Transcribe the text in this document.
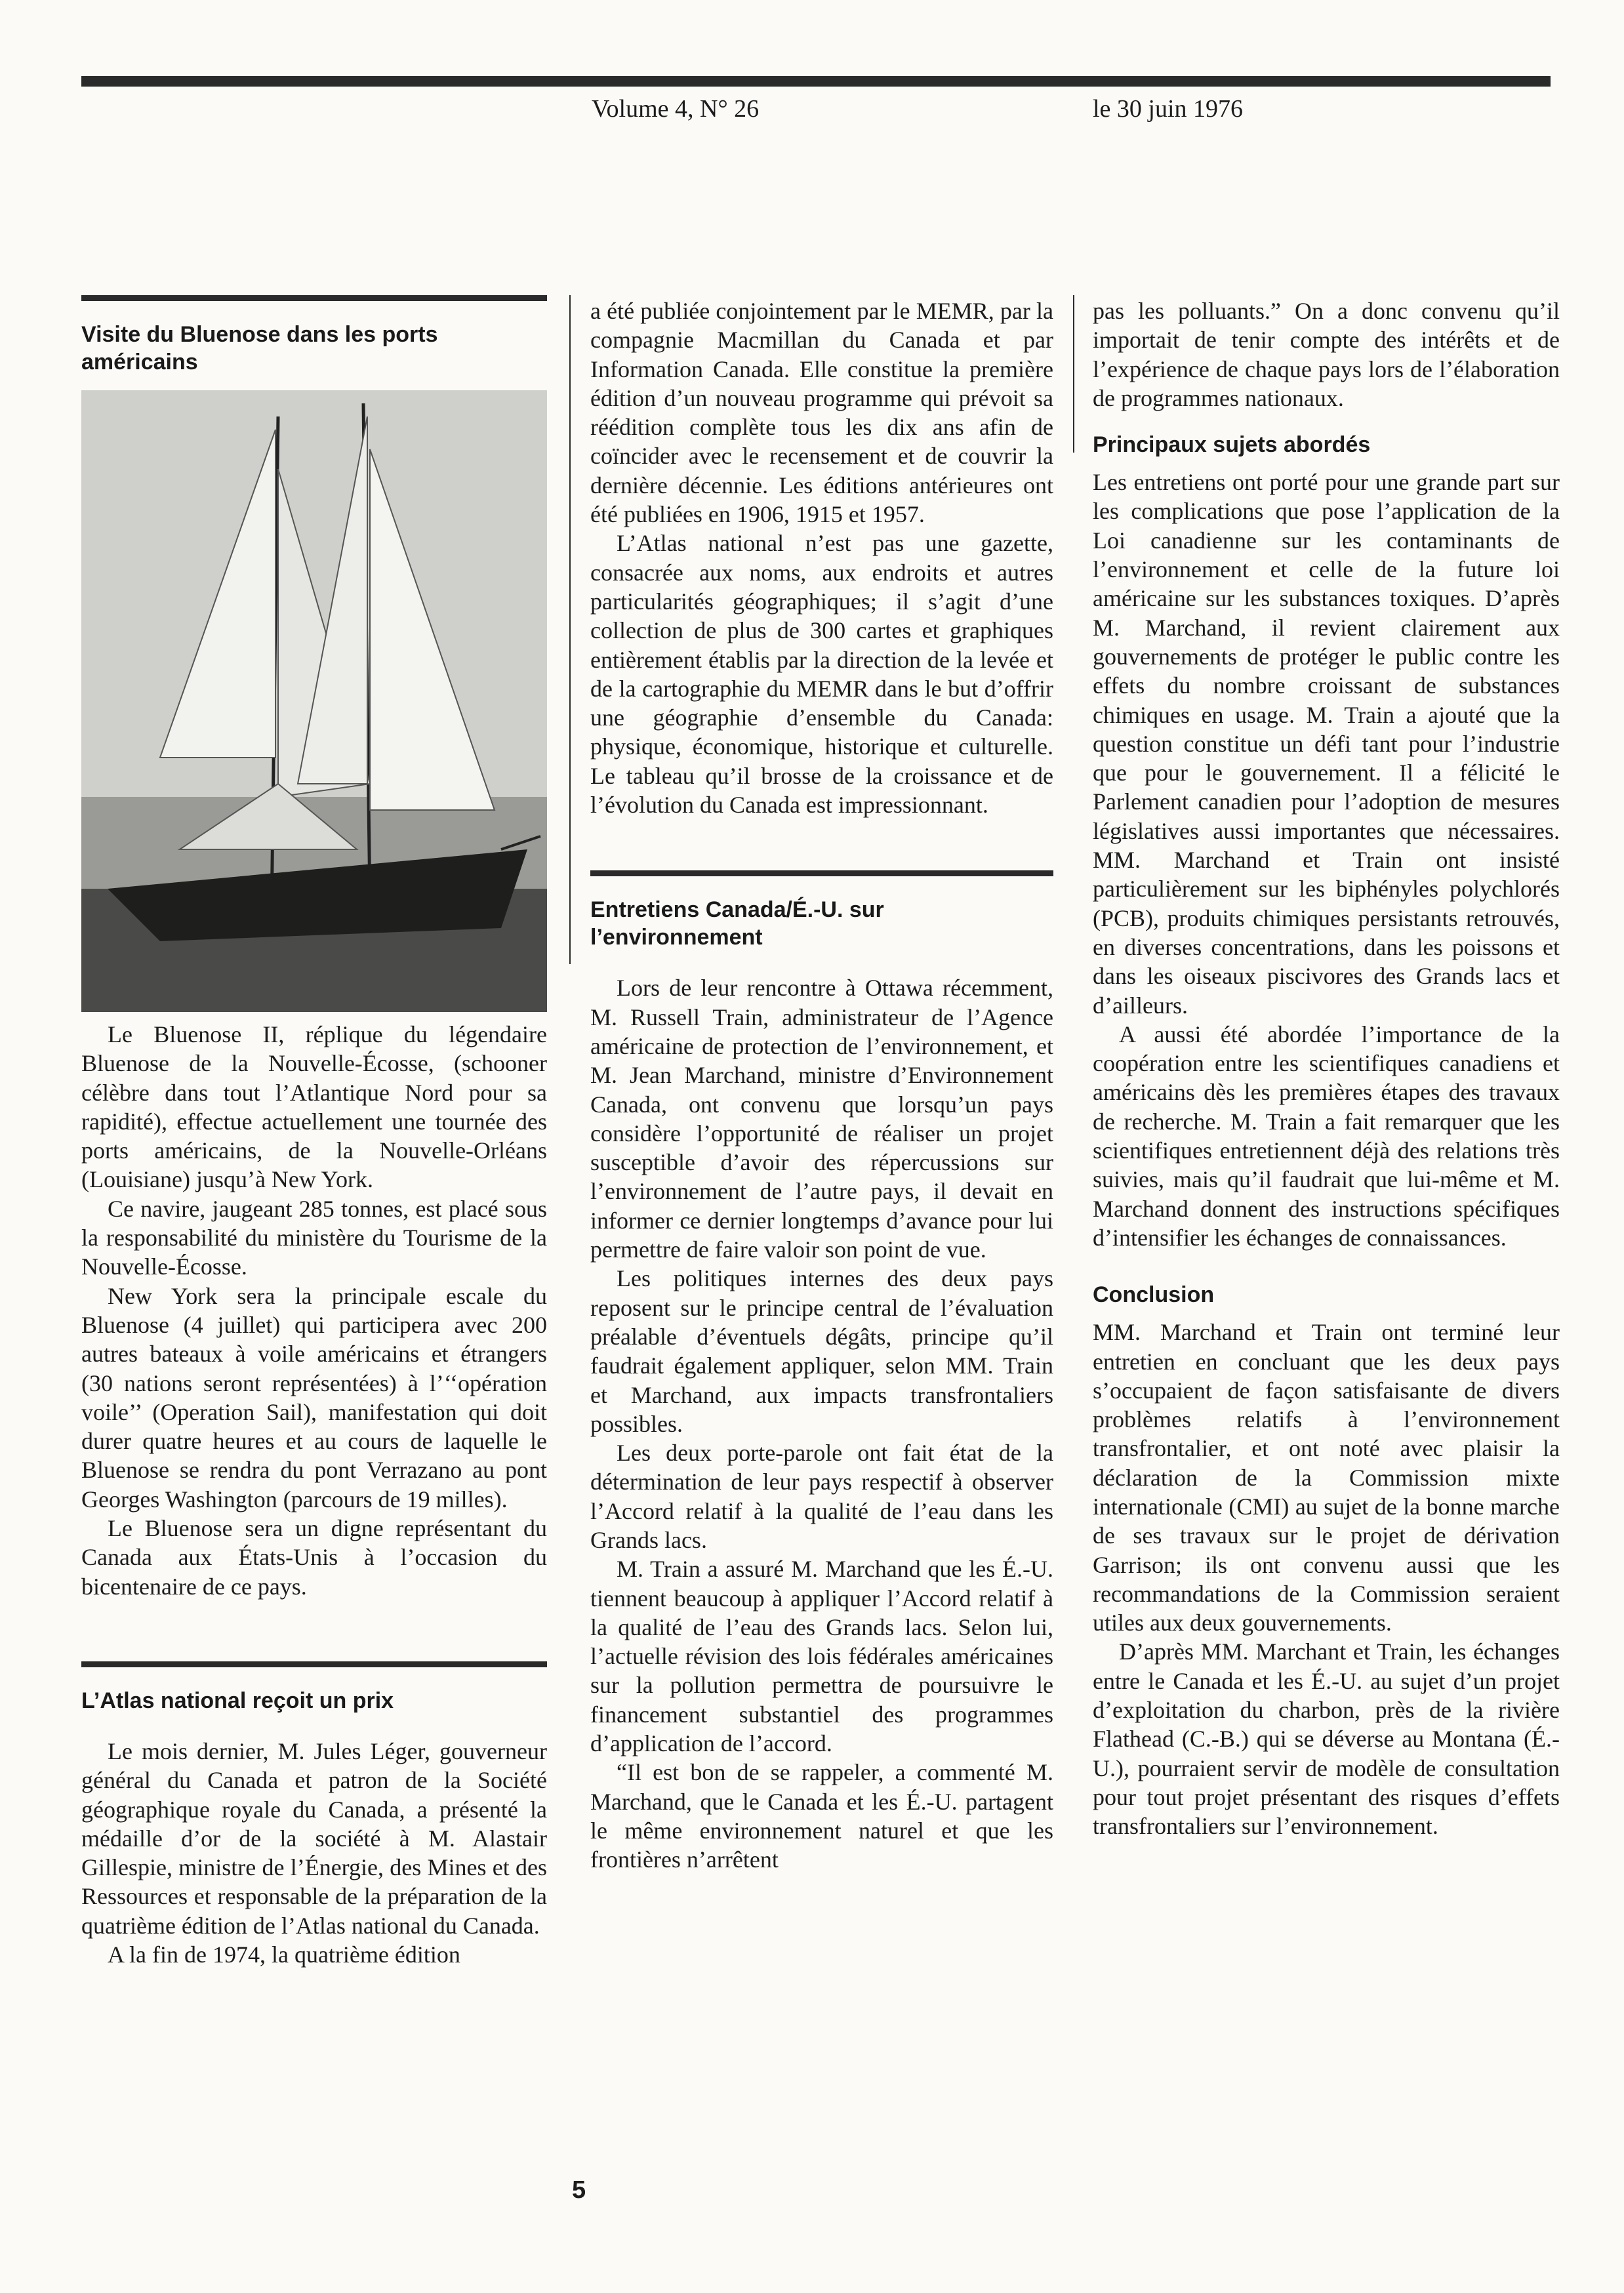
Volume 4, N° 26	le 30 juin 1976
Visite du Bluenose dans les ports américains

Le Bluenose II, réplique du légendaire Bluenose de la Nouvelle-Écosse, (schooner célèbre dans tout l’Atlantique Nord pour sa rapidité), effectue actuellement une tournée des ports américains, de la Nouvelle-Orléans (Louisiane) jusqu’à New York.

Ce navire, jaugeant 285 tonnes, est placé sous la responsabilité du ministère du Tourisme de la Nouvelle-Écosse.

New York sera la principale escale du Bluenose (4 juillet) qui participera avec 200 autres bateaux à voile américains et étrangers (30 nations seront représentées) à l’‘‘opération voile’’ (Operation Sail), manifestation qui doit durer quatre heures et au cours de laquelle le Bluenose se rendra du pont Verrazano au pont Georges Washington (parcours de 19 milles).

Le Bluenose sera un digne représentant du Canada aux États-Unis à l’occasion du bicentenaire de ce pays.

L’Atlas national reçoit un prix

Le mois dernier, M. Jules Léger, gouverneur général du Canada et patron de la Société géographique royale du Canada, a présenté la médaille d’or de la société à M. Alastair Gillespie, ministre de l’Énergie, des Mines et des Ressources et responsable de la préparation de la quatrième édition de l’Atlas national du Canada.

A la fin de 1974, la quatrième édition

a été publiée conjointement par le MEMR, par la compagnie Macmillan du Canada et par Information Canada. Elle constitue la première édition d’un nouveau programme qui prévoit sa réédition complète tous les dix ans afin de coïncider avec le recensement et de couvrir la dernière décennie. Les éditions antérieures ont été publiées en 1906, 1915 et 1957.

L’Atlas national n’est pas une gazette, consacrée aux noms, aux endroits et autres particularités géographiques; il s’agit d’une collection de plus de 300 cartes et graphiques entièrement établis par la direction de la levée et de la cartographie du MEMR dans le but d’offrir une géographie d’ensemble du Canada: physique, économique, historique et culturelle. Le tableau qu’il brosse de la croissance et de l’évolution du Canada est impressionnant.

Entretiens Canada/É.-U. sur l’environnement

Lors de leur rencontre à Ottawa récemment, M. Russell Train, administrateur de l’Agence américaine de protection de l’environnement, et M. Jean Marchand, ministre d’Environnement Canada, ont convenu que lorsqu’un pays considère l’opportunité de réaliser un projet susceptible d’avoir des répercussions sur l’environnement de l’autre pays, il devait en informer ce dernier longtemps d’avance pour lui permettre de faire valoir son point de vue.

Les politiques internes des deux pays reposent sur le principe central de l’évaluation préalable d’éventuels dégâts, principe qu’il faudrait également appliquer, selon MM. Train et Marchand, aux impacts transfrontaliers possibles.

Les deux porte-parole ont fait état de la détermination de leur pays respectif à observer l’Accord relatif à la qualité de l’eau dans les Grands lacs.

M. Train a assuré M. Marchand que les É.-U. tiennent beaucoup à appliquer l’Accord relatif à la qualité de l’eau des Grands lacs. Selon lui, l’actuelle révision des lois fédérales américaines sur la pollution permettra de poursuivre le financement substantiel des programmes d’application de l’accord.

“Il est bon de se rappeler, a commenté M. Marchand, que le Canada et les É.-U. partagent le même environnement naturel et que les frontières n’arrêtent

pas les polluants.” On a donc convenu qu’il importait de tenir compte des intérêts et de l’expérience de chaque pays lors de l’élaboration de programmes nationaux.

Principaux sujets abordés

Les entretiens ont porté pour une grande part sur les complications que pose l’application de la Loi canadienne sur les contaminants de l’environnement et celle de la future loi américaine sur les substances toxiques. D’après M. Marchand, il revient clairement aux gouvernements de protéger le public contre les effets du nombre croissant de substances chimiques en usage. M. Train a ajouté que la question constitue un défi tant pour l’industrie que pour le gouvernement. Il a félicité le Parlement canadien pour l’adoption de mesures législatives aussi importantes que nécessaires. MM. Marchand et Train ont insisté particulièrement sur les biphényles polychlorés (PCB), produits chimiques persistants retrouvés, en diverses concentrations, dans les poissons et dans les oiseaux piscivores des Grands lacs et d’ailleurs.

A aussi été abordée l’importance de la coopération entre les scientifiques canadiens et américains dès les premières étapes des travaux de recherche. M. Train a fait remarquer que les scientifiques entretiennent déjà des relations très suivies, mais qu’il faudrait que lui-même et M. Marchand donnent des instructions spécifiques d’intensifier les échanges de connaissances.

Conclusion

MM. Marchand et Train ont terminé leur entretien en concluant que les deux pays s’occupaient de façon satisfaisante de divers problèmes relatifs à l’environnement transfrontalier, et ont noté avec plaisir la déclaration de la Commission mixte internationale (CMI) au sujet de la bonne marche de ses travaux sur le projet de dérivation Garrison; ils ont convenu aussi que les recommandations de la Commission seraient utiles aux deux gouvernements.

D’après MM. Marchant et Train, les échanges entre le Canada et les É.-U. au sujet d’un projet d’exploitation du charbon, près de la rivière Flathead (C.-B.) qui se déverse au Montana (É.-U.), pourraient servir de modèle de consultation pour tout projet présentant des risques d’effets transfrontaliers sur l’environnement.

5
